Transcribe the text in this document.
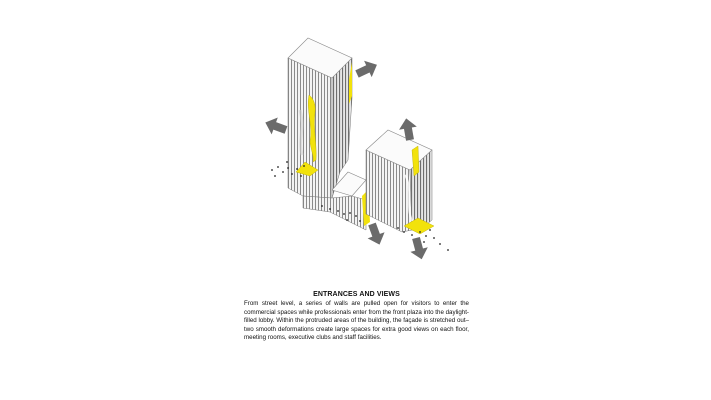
ENTRANCES AND VIEWS

From street level, a series of walls are pulled open for visitors to enter the commercial spaces while professionals enter from the front plaza into the daylight-filled lobby. Within the protruded areas of the building, the façade is stretched out–two smooth deformations create large spaces for extra good views on each floor, meeting rooms, executive clubs and staff facilities.
